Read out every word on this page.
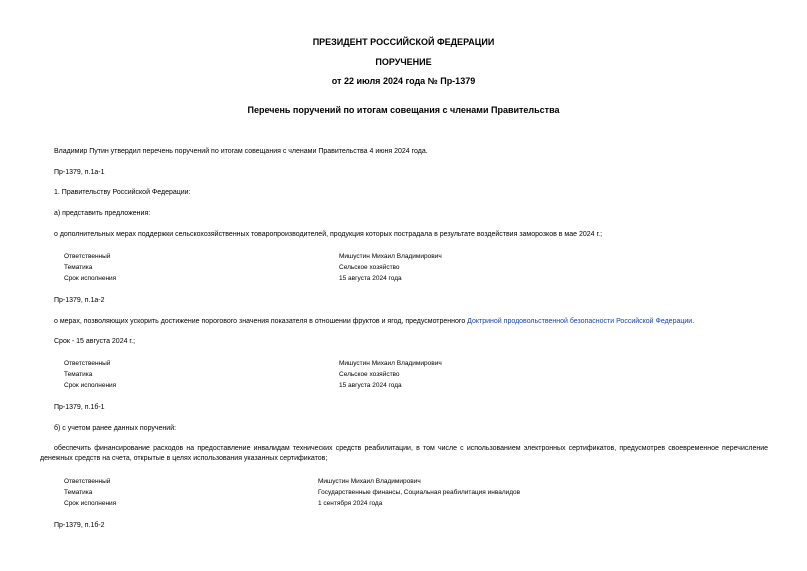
ПРЕЗИДЕНТ РОССИЙСКОЙ ФЕДЕРАЦИИ
ПОРУЧЕНИЕ
от 22 июля 2024 года № Пр-1379
Перечень поручений по итогам совещания с членами Правительства
Владимир Путин утвердил перечень поручений по итогам совещания с членами Правительства 4 июня 2024 года.
Пр-1379, п.1а-1
1. Правительству Российской Федерации:
а) представить предложения:
о дополнительных мерах поддержки сельскохозяйственных товаропроизводителей, продукция которых пострадала в результате воздействия заморозков в мае 2024 г.;
Ответственный	Мишустин Михаил Владимирович
Тематика	Сельское хозяйство
Срок исполнения	15 августа 2024 года
Пр-1379, п.1а-2
о мерах, позволяющих ускорить достижение порогового значения показателя в отношении фруктов и ягод, предусмотренного Доктриной продовольственной безопасности Российской Федерации.
Срок - 15 августа 2024 г.;
Ответственный	Мишустин Михаил Владимирович
Тематика	Сельское хозяйство
Срок исполнения	15 августа 2024 года
Пр-1379, п.1б-1
б) с учетом ранее данных поручений:
обеспечить финансирование расходов на предоставление инвалидам технических средств реабилитации, в том числе с использованием электронных сертификатов, предусмотрев своевременное перечисление денежных средств на счета, открытые в целях использования указанных сертификатов;
Ответственный	Мишустин Михаил Владимирович
Тематика	Государственные финансы, Социальная реабилитация инвалидов
Срок исполнения	1 сентября 2024 года
Пр-1379, п.1б-2
